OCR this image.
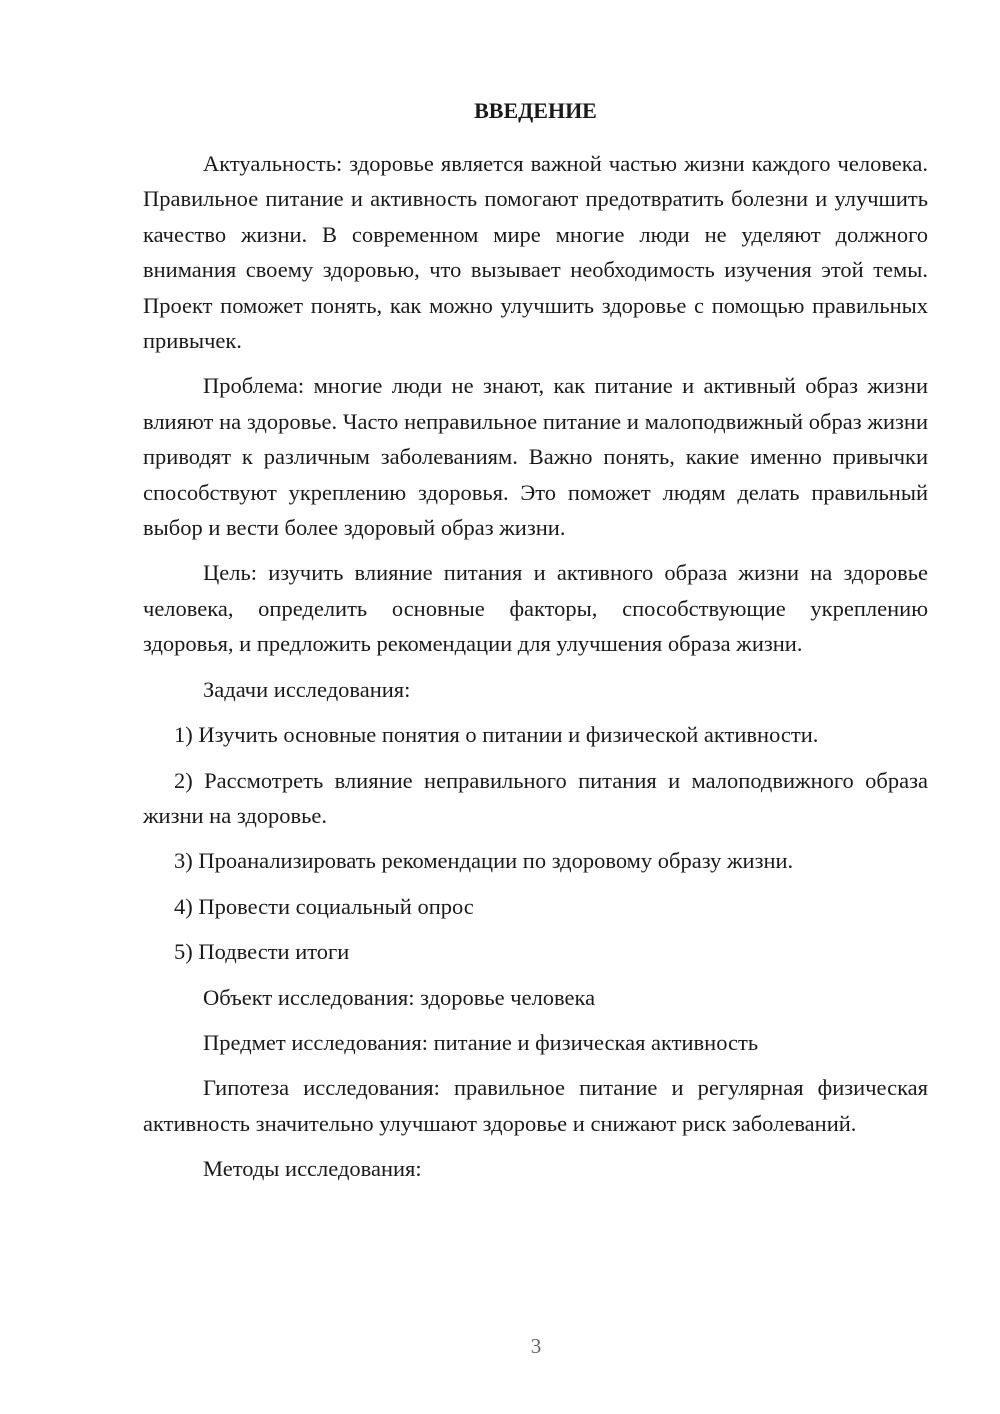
ВВЕДЕНИЕ

Актуальность: здоровье является важной частью жизни каждого человека. Правильное питание и активность помогают предотвратить болезни и улучшить качество жизни. В современном мире многие люди не уделяют должного внимания своему здоровью, что вызывает необходимость изучения этой темы. Проект поможет понять, как можно улучшить здоровье с помощью правильных привычек.

Проблема: многие люди не знают, как питание и активный образ жизни влияют на здоровье. Часто неправильное питание и малоподвижный образ жизни приводят к различным заболеваниям. Важно понять, какие именно привычки способствуют укреплению здоровья. Это поможет людям делать правильный выбор и вести более здоровый образ жизни.

Цель: изучить влияние питания и активного образа жизни на здоровье человека, определить основные факторы, способствующие укреплению здоровья, и предложить рекомендации для улучшения образа жизни.

Задачи исследования:

1) Изучить основные понятия о питании и физической активности.

2) Рассмотреть влияние неправильного питания и малоподвижного образа жизни на здоровье.

3) Проанализировать рекомендации по здоровому образу жизни.

4) Провести социальный опрос

5) Подвести итоги

Объект исследования: здоровье человека

Предмет исследования: питание и физическая активность

Гипотеза исследования: правильное питание и регулярная физическая активность значительно улучшают здоровье и снижают риск заболеваний.

Методы исследования:

3
